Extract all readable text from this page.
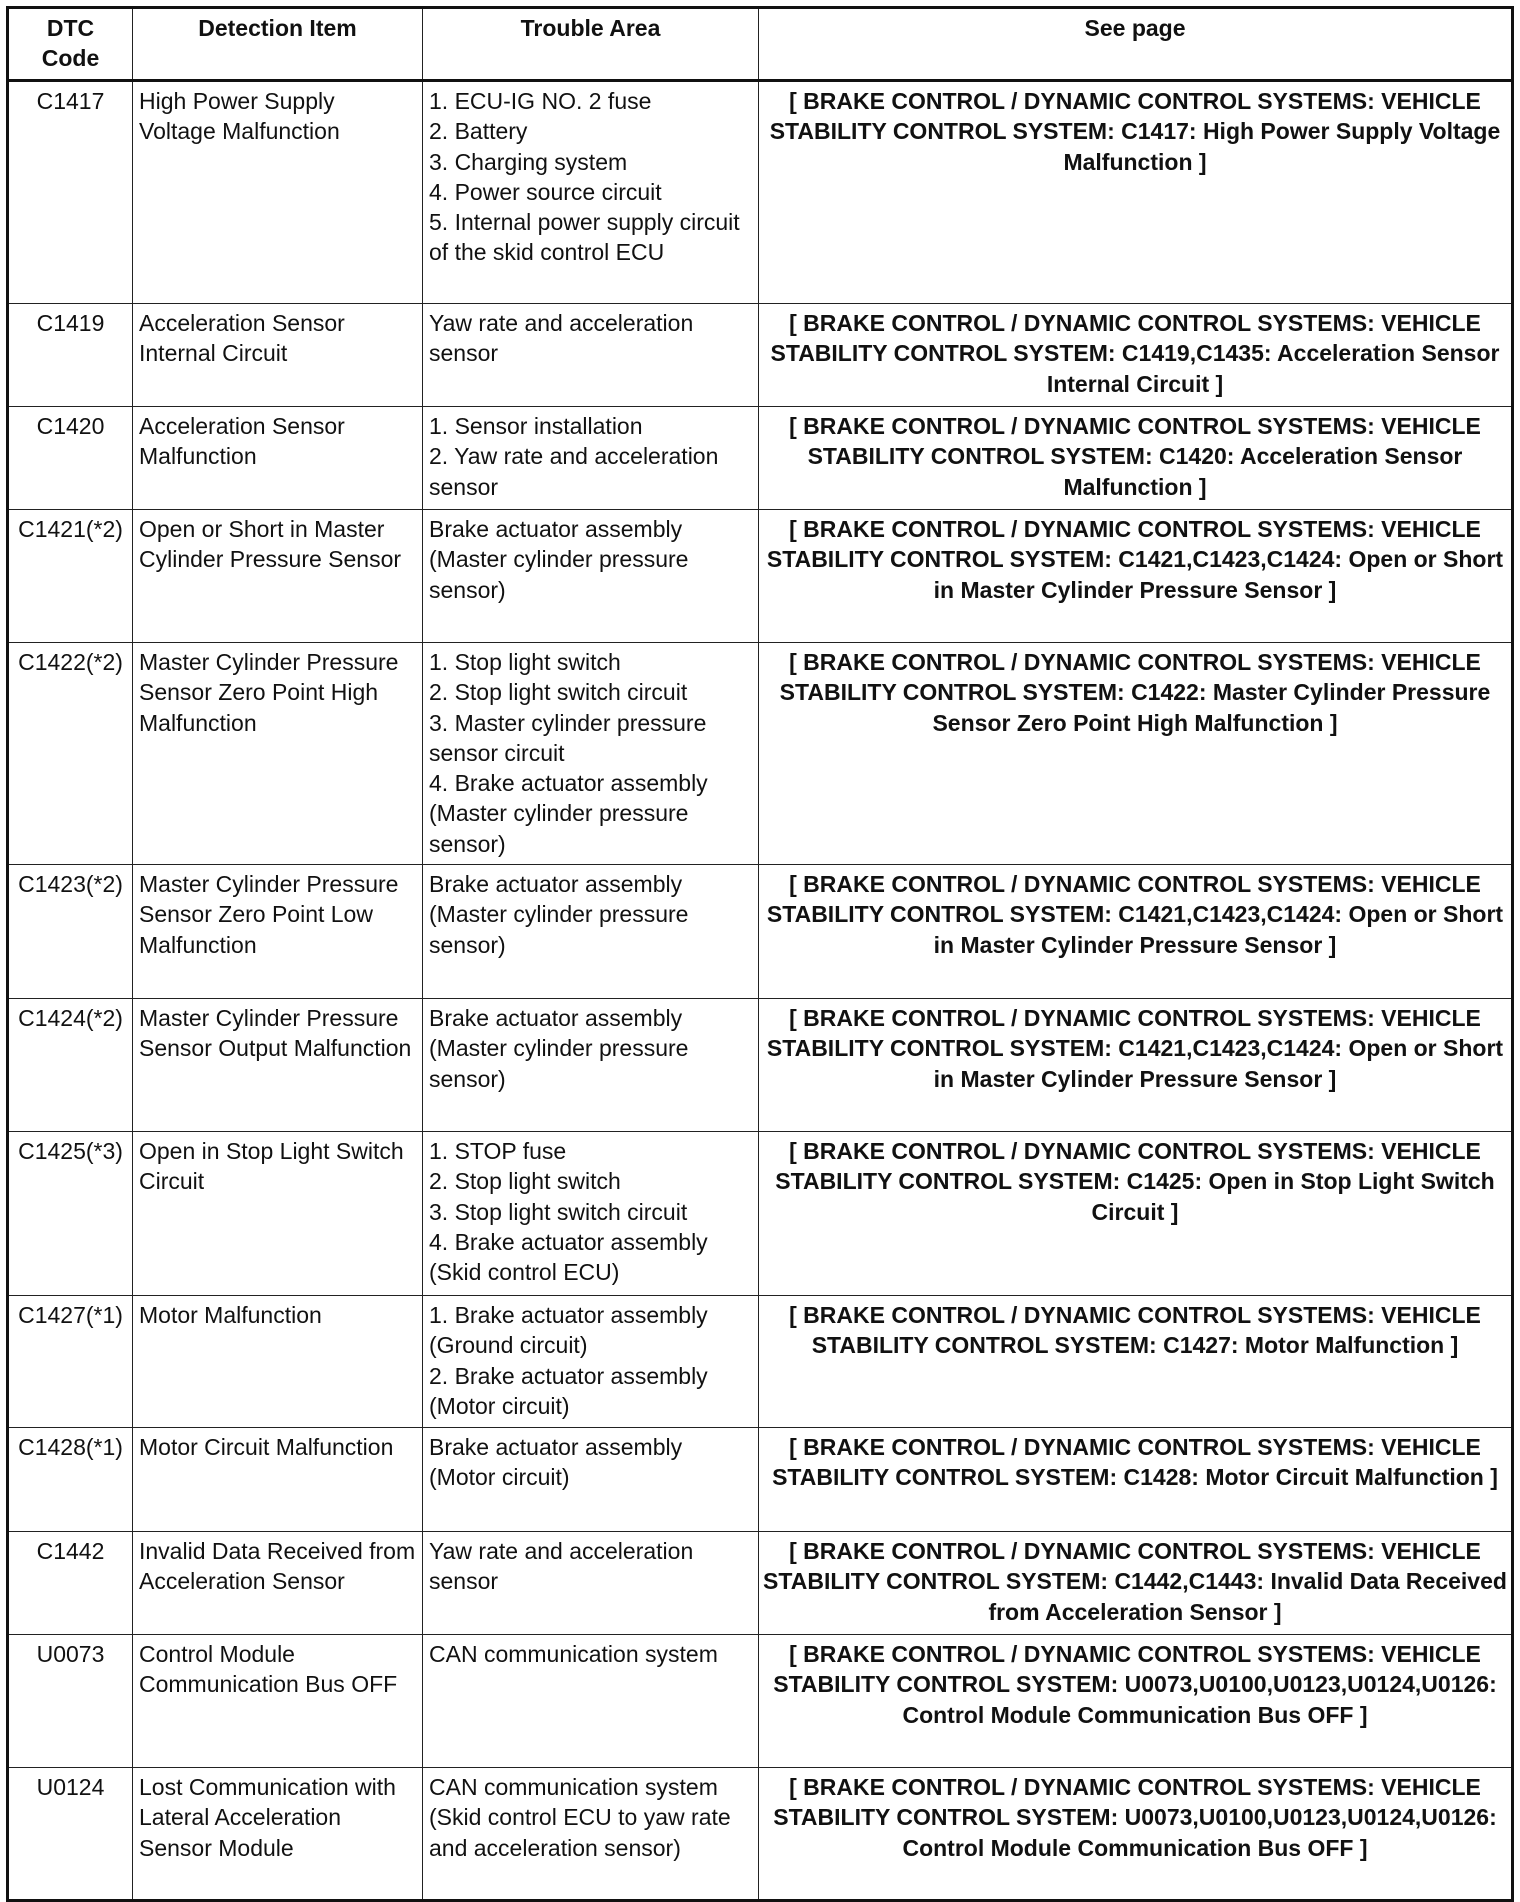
DTC Code	Detection Item	Trouble Area	See page
C1417	High Power Supply Voltage Malfunction	1. ECU-IG NO. 2 fuse
2. Battery
3. Charging system
4. Power source circuit
5. Internal power supply circuit of the skid control ECU	[ BRAKE CONTROL / DYNAMIC CONTROL SYSTEMS: VEHICLE STABILITY CONTROL SYSTEM: C1417: High Power Supply Voltage Malfunction ]
C1419	Acceleration Sensor Internal Circuit	Yaw rate and acceleration sensor	[ BRAKE CONTROL / DYNAMIC CONTROL SYSTEMS: VEHICLE STABILITY CONTROL SYSTEM: C1419,C1435: Acceleration Sensor Internal Circuit ]
C1420	Acceleration Sensor Malfunction	1. Sensor installation
2. Yaw rate and acceleration sensor	[ BRAKE CONTROL / DYNAMIC CONTROL SYSTEMS: VEHICLE STABILITY CONTROL SYSTEM: C1420: Acceleration Sensor Malfunction ]
C1421(*2)	Open or Short in Master Cylinder Pressure Sensor	Brake actuator assembly (Master cylinder pressure sensor)	[ BRAKE CONTROL / DYNAMIC CONTROL SYSTEMS: VEHICLE STABILITY CONTROL SYSTEM: C1421,C1423,C1424: Open or Short in Master Cylinder Pressure Sensor ]
C1422(*2)	Master Cylinder Pressure Sensor Zero Point High Malfunction	1. Stop light switch
2. Stop light switch circuit
3. Master cylinder pressure sensor circuit
4. Brake actuator assembly (Master cylinder pressure sensor)	[ BRAKE CONTROL / DYNAMIC CONTROL SYSTEMS: VEHICLE STABILITY CONTROL SYSTEM: C1422: Master Cylinder Pressure Sensor Zero Point High Malfunction ]
C1423(*2)	Master Cylinder Pressure Sensor Zero Point Low Malfunction	Brake actuator assembly (Master cylinder pressure sensor)	[ BRAKE CONTROL / DYNAMIC CONTROL SYSTEMS: VEHICLE STABILITY CONTROL SYSTEM: C1421,C1423,C1424: Open or Short in Master Cylinder Pressure Sensor ]
C1424(*2)	Master Cylinder Pressure Sensor Output Malfunction	Brake actuator assembly (Master cylinder pressure sensor)	[ BRAKE CONTROL / DYNAMIC CONTROL SYSTEMS: VEHICLE STABILITY CONTROL SYSTEM: C1421,C1423,C1424: Open or Short in Master Cylinder Pressure Sensor ]
C1425(*3)	Open in Stop Light Switch Circuit	1. STOP fuse
2. Stop light switch
3. Stop light switch circuit
4. Brake actuator assembly (Skid control ECU)	[ BRAKE CONTROL / DYNAMIC CONTROL SYSTEMS: VEHICLE STABILITY CONTROL SYSTEM: C1425: Open in Stop Light Switch Circuit ]
C1427(*1)	Motor Malfunction	1. Brake actuator assembly (Ground circuit)
2. Brake actuator assembly (Motor circuit)	[ BRAKE CONTROL / DYNAMIC CONTROL SYSTEMS: VEHICLE STABILITY CONTROL SYSTEM: C1427: Motor Malfunction ]
C1428(*1)	Motor Circuit Malfunction	Brake actuator assembly (Motor circuit)	[ BRAKE CONTROL / DYNAMIC CONTROL SYSTEMS: VEHICLE STABILITY CONTROL SYSTEM: C1428: Motor Circuit Malfunction ]
C1442	Invalid Data Received from Acceleration Sensor	Yaw rate and acceleration sensor	[ BRAKE CONTROL / DYNAMIC CONTROL SYSTEMS: VEHICLE STABILITY CONTROL SYSTEM: C1442,C1443: Invalid Data Received from Acceleration Sensor ]
U0073	Control Module Communication Bus OFF	CAN communication system	[ BRAKE CONTROL / DYNAMIC CONTROL SYSTEMS: VEHICLE STABILITY CONTROL SYSTEM: U0073,U0100,U0123,U0124,U0126: Control Module Communication Bus OFF ]
U0124	Lost Communication with Lateral Acceleration Sensor Module	CAN communication system (Skid control ECU to yaw rate and acceleration sensor)	[ BRAKE CONTROL / DYNAMIC CONTROL SYSTEMS: VEHICLE STABILITY CONTROL SYSTEM: U0073,U0100,U0123,U0124,U0126: Control Module Communication Bus OFF ]
